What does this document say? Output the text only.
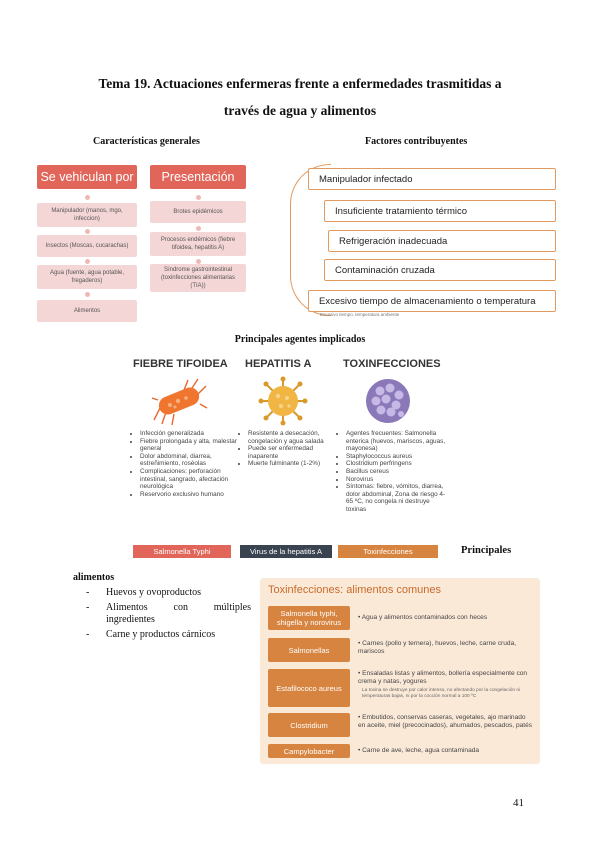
Tema 19. Actuaciones enfermeras frente a enfermedades trasmitidas a
través de agua y alimentos
Características generales	Factores contribuyentes
Se vehiculan por
Manipulador (manos, mgo, infeccion)
Insectos (Moscas, cucarachas)
Agua (fuente, agua potable, fregaderos)
Alimentos
Presentación
Brotes epidémicos
Procesos endémicos (fiebre tifoidea, hepatitis A)
Síndrome gastrointestinal (toxinfecciones alimentarias (TIA))
Manipulador infectado
Insuficiente tratamiento térmico
Refrigeración inadecuada
Contaminación cruzada
Excesivo tiempo de almacenamiento o temperatura
Excesivo tiempo, temperatura ambiente
Principales agentes implicados
FIEBRE TIFOIDEA
• Infección generalizada
• Fiebre prolongada y alta, malestar general
• Dolor abdominal, diarrea, estreñimiento, roséolas
• Complicaciones: perforación intestinal, sangrado, afectación neurológica
• Reservorio exclusivo humano
Salmonella Typhi
HEPATITIS A
• Resistente a desecación, congelación y agua salada
• Puede ser enfermedad inaparente
• Muerte fulminante (1-2%)
Virus de la hepatitis A
TOXINFECCIONES
• Agentes frecuentes: Salmonella enterica (huevos, mariscos, aguas, mayonesa)
• Staphylococcus aureus
• Clostridium perfringens
• Bacillus cereus
• Norovirus
• Síntomas: fiebre, vómitos, diarrea, dolor abdominal, Zona de riesgo 4-65 ºC, no congela ni destruye toxinas
Toxinfecciones	Principales
alimentos
-	Huevos y ovoproductos
-	Alimentos con múltiples ingredientes
-	Carne y productos cárnicos
Toxinfecciones: alimentos comunes
Salmonella typhi, shigella y norovirus
• Agua y alimentos contaminados con heces
Salmonellas
• Carnes (pollo y ternera), huevos, leche, carne cruda, mariscos
Estafilococo aureus
• Ensaladas listas y alimentos, bollería especialmente con crema y natas, yogures
La toxina se destruye por calor intenso, no afectando por la congelación ni temperaturas bajas, ni por la cocción normal a 100 ºC
Clostridium
• Embutidos, conservas caseras, vegetales, ajo marinado en aceite, miel (precocinados), ahumados, pescados, patés
Campylobacter	• Carne de ave, leche, agua contaminada
41
